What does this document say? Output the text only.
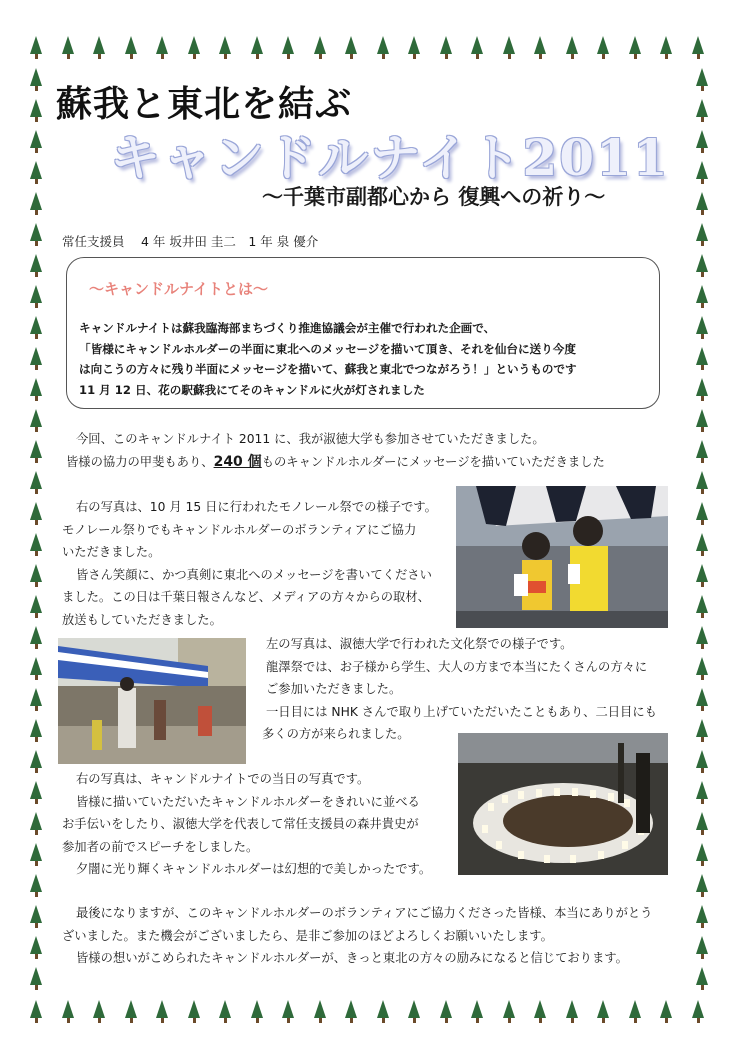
蘇我と東北を結ぶ
キャンドルナイト2011
〜千葉市副都心から 復興への祈り〜
常任支援員　 4 年 坂井田 圭二　1 年 泉 優介
〜キャンドルナイトとは〜
キャンドルナイトは蘇我臨海部まちづくり推進協議会が主催で行われた企画で、
「皆様にキャンドルホルダーの半面に東北へのメッセージを描いて頂き、それを仙台に送り今度
は向こうの方々に残り半面にメッセージを描いて、蘇我と東北でつながろう！」というものです
11 月 12 日、花の駅蘇我にてそのキャンドルに火が灯されました
今回、このキャンドルナイト 2011 に、我が淑徳大学も参加させていただきました。
皆様の協力の甲斐もあり、240 個ものキャンドルホルダーにメッセージを描いていただきました
右の写真は、10 月 15 日に行われたモノレール祭での様子です。
モノレール祭りでもキャンドルホルダーのボランティアにご協力
いただきました。
皆さん笑顔に、かつ真剣に東北へのメッセージを書いてください
ました。この日は千葉日報さんなど、メディアの方々からの取材、
放送もしていただきました。
左の写真は、淑徳大学で行われた文化祭での様子です。
龍澤祭では、お子様から学生、大人の方まで本当にたくさんの方々に
ご参加いただきました。
一日目には NHK さんで取り上げていただいたこともあり、二日目にも
多くの方が来られました。
右の写真は、キャンドルナイトでの当日の写真です。
皆様に描いていただいたキャンドルホルダーをきれいに並べる
お手伝いをしたり、淑徳大学を代表して常任支援員の森井貴史が
参加者の前でスピーチをしました。
夕闇に光り輝くキャンドルホルダーは幻想的で美しかったです。
最後になりますが、このキャンドルホルダーのボランティアにご協力くださった皆様、本当にありがとう
ざいました。また機会がございましたら、是非ご参加のほどよろしくお願いいたします。
皆様の想いがこめられたキャンドルホルダーが、きっと東北の方々の励みになると信じております。
